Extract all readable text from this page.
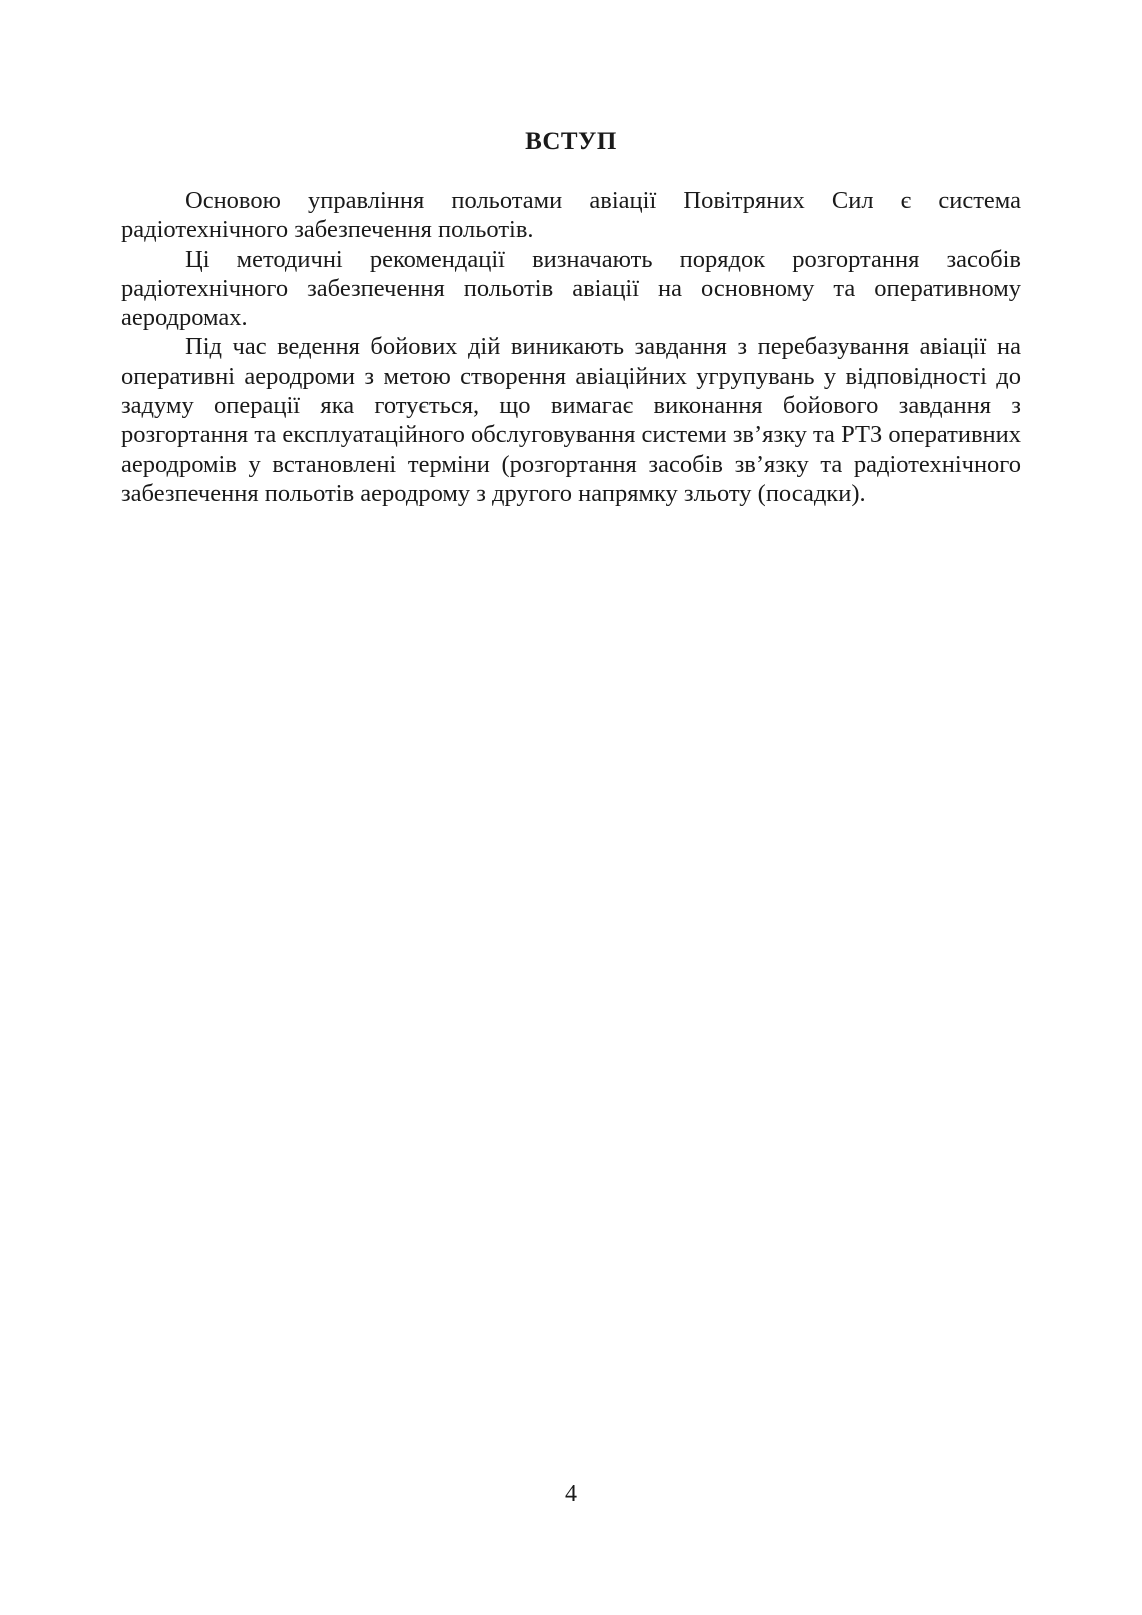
ВСТУП

Основою управління польотами авіації Повітряних Сил є система радіотехнічного забезпечення польотів.

Ці методичні рекомендації визначають порядок розгортання засобів радіотехнічного забезпечення польотів авіації на основному та оперативному аеродромах.

Під час ведення бойових дій виникають завдання з перебазування авіації на оперативні аеродроми з метою створення авіаційних угрупувань у відповідності до задуму операції яка готується, що вимагає виконання бойового завдання з розгортання та експлуатаційного обслуговування системи зв’язку та РТЗ оперативних аеродромів у встановлені терміни (розгортання засобів зв’язку та радіотехнічного забезпечення польотів аеродрому з другого напрямку зльоту (посадки).

4
